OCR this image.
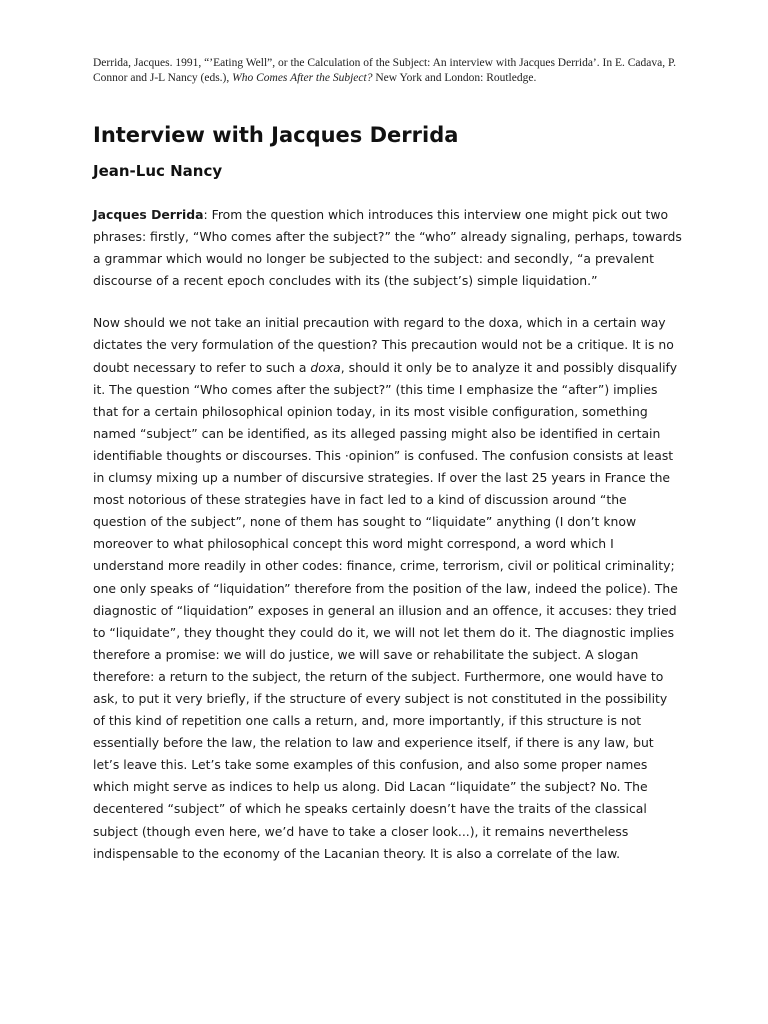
Derrida, Jacques. 1991, “’Eating Well”, or the Calculation of the Subject: An interview with Jacques Derrida’. In E. Cadava, P. Connor and J-L Nancy (eds.), Who Comes After the Subject? New York and London: Routledge.

Interview with Jacques Derrida
Jean-Luc Nancy

Jacques Derrida: From the question which introduces this interview one might pick out two phrases: firstly, “Who comes after the subject?” the “who” already signaling, perhaps, towards a grammar which would no longer be subjected to the subject: and secondly, “a prevalent discourse of a recent epoch concludes with its (the subject’s) simple liquidation.”

Now should we not take an initial precaution with regard to the doxa, which in a certain way dictates the very formulation of the question? This precaution would not be a critique. It is no doubt necessary to refer to such a doxa, should it only be to analyze it and possibly disqualify it. The question “Who comes after the subject?” (this time I emphasize the “after”) implies that for a certain philosophical opinion today, in its most visible configuration, something named “subject” can be identified, as its alleged passing might also be identified in certain identifiable thoughts or discourses. This ·opinion” is confused. The confusion consists at least in clumsy mixing up a number of discursive strategies. If over the last 25 years in France the most notorious of these strategies have in fact led to a kind of discussion around “the question of the subject”, none of them has sought to “liquidate” anything (I don’t know moreover to what philosophical concept this word might correspond, a word which I understand more readily in other codes: finance, crime, terrorism, civil or political criminality; one only speaks of “liquidation” therefore from the position of the law, indeed the police). The diagnostic of “liquidation” exposes in general an illusion and an offence, it accuses: they tried to “liquidate”, they thought they could do it, we will not let them do it. The diagnostic implies therefore a promise: we will do justice, we will save or rehabilitate the subject. A slogan therefore: a return to the subject, the return of the subject. Furthermore, one would have to ask, to put it very briefly, if the structure of every subject is not constituted in the possibility of this kind of repetition one calls a return, and, more importantly, if this structure is not essentially before the law, the relation to law and experience itself, if there is any law, but let’s leave this. Let’s take some examples of this confusion, and also some proper names which might serve as indices to help us along. Did Lacan “liquidate” the subject? No. The decentered “subject” of which he speaks certainly doesn’t have the traits of the classical subject (though even here, we’d have to take a closer look...), it remains nevertheless indispensable to the economy of the Lacanian theory. It is also a correlate of the law.
